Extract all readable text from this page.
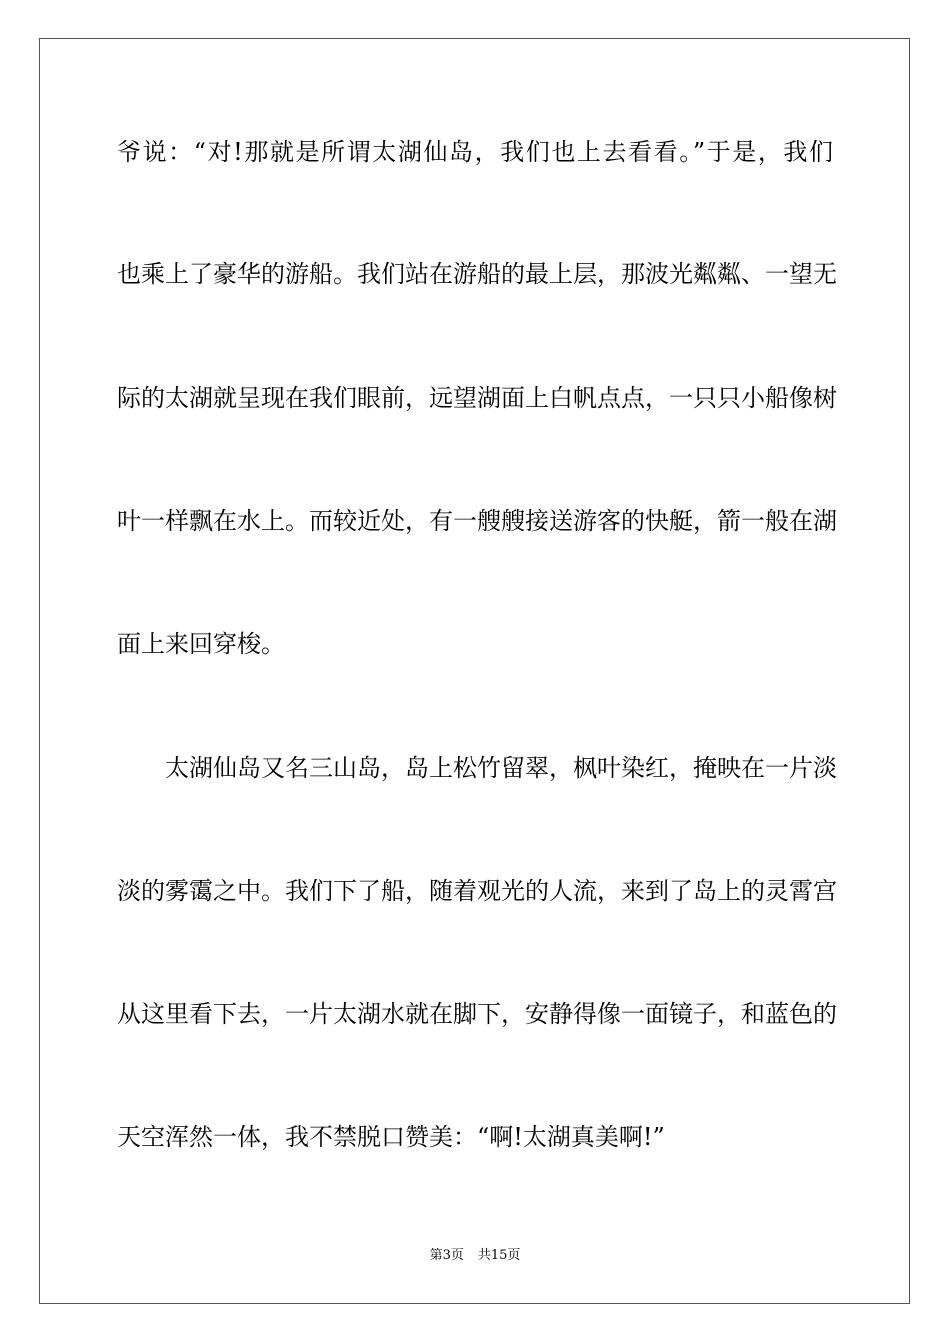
爷说：“对!那就是所谓太湖仙岛，我们也上去看看。”于是，我们
也乘上了豪华的游船。我们站在游船的最上层，那波光粼粼、一望无
际的太湖就呈现在我们眼前，远望湖面上白帆点点，一只只小船像树
叶一样飘在水上。而较近处，有一艘艘接送游客的快艇，箭一般在湖
面上来回穿梭。
太湖仙岛又名三山岛，岛上松竹留翠，枫叶染红，掩映在一片淡
淡的雾霭之中。我们下了船，随着观光的人流，来到了岛上的灵霄宫
从这里看下去，一片太湖水就在脚下，安静得像一面镜子，和蓝色的
天空浑然一体，我不禁脱口赞美：“啊!太湖真美啊!”
第3页 共15页
